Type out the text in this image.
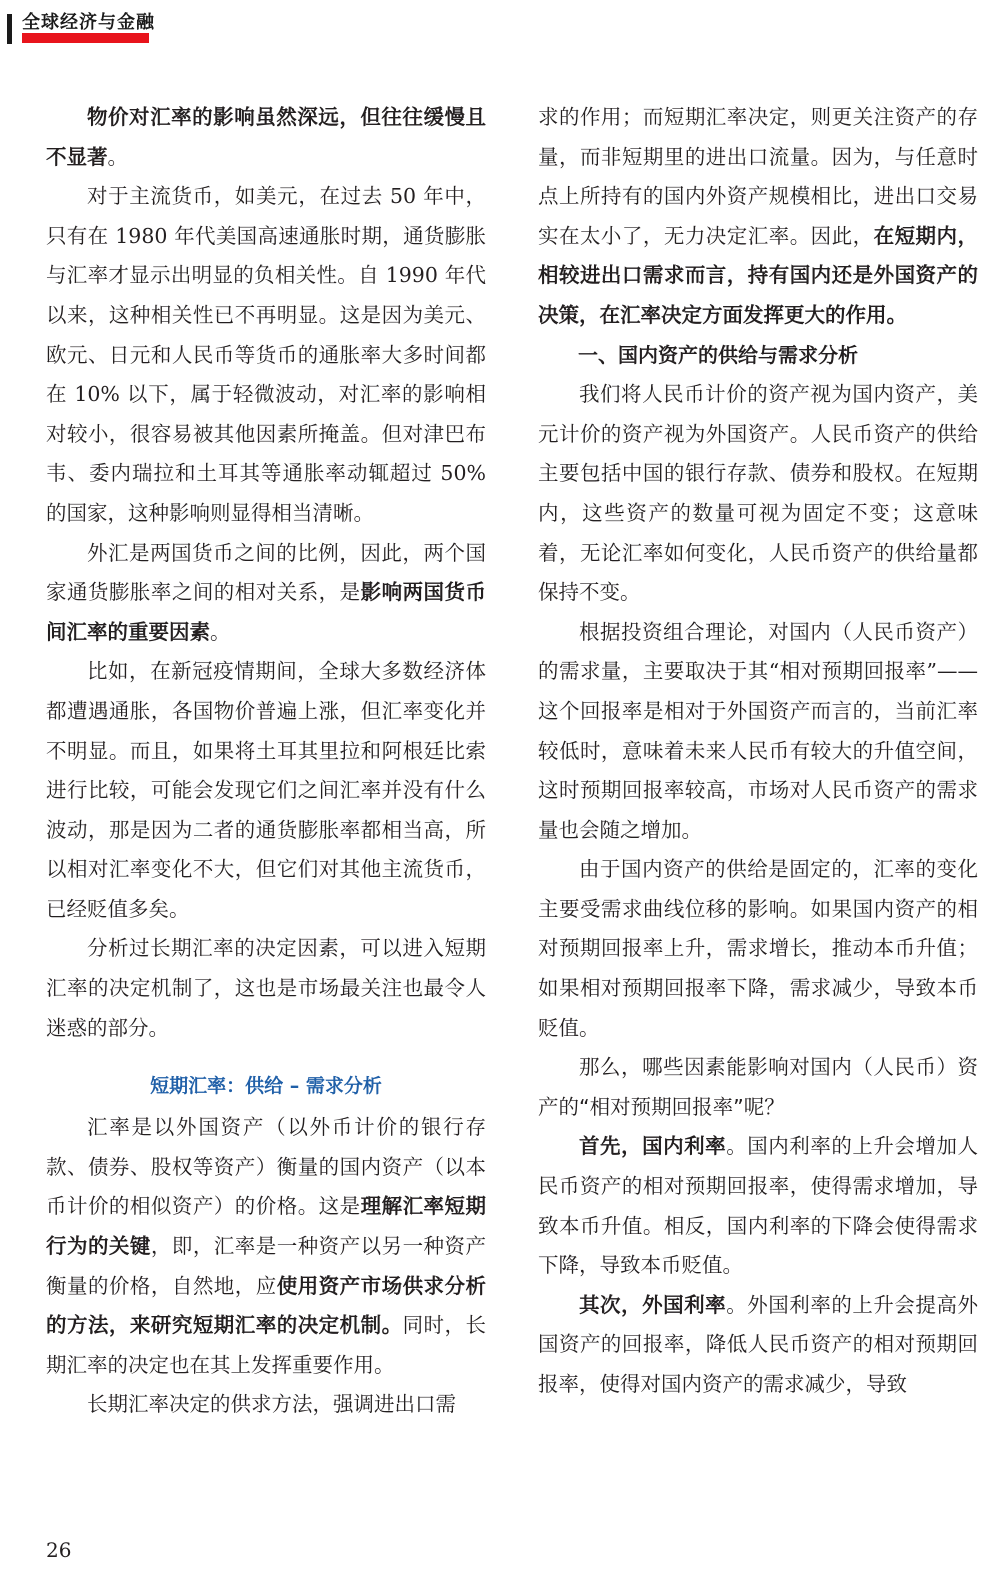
全球经济与金融

物价对汇率的影响虽然深远，但往往缓慢且不显著。

对于主流货币，如美元，在过去 50 年中，只有在 1980 年代美国高速通胀时期，通货膨胀与汇率才显示出明显的负相关性。自 1990 年代以来，这种相关性已不再明显。这是因为美元、欧元、日元和人民币等货币的通胀率大多时间都在 10% 以下，属于轻微波动，对汇率的影响相对较小，很容易被其他因素所掩盖。但对津巴布韦、委内瑞拉和土耳其等通胀率动辄超过 50% 的国家，这种影响则显得相当清晰。

外汇是两国货币之间的比例，因此，两个国家通货膨胀率之间的相对关系，是影响两国货币间汇率的重要因素。

比如，在新冠疫情期间，全球大多数经济体都遭遇通胀，各国物价普遍上涨，但汇率变化并不明显。而且，如果将土耳其里拉和阿根廷比索进行比较，可能会发现它们之间汇率并没有什么波动，那是因为二者的通货膨胀率都相当高，所以相对汇率变化不大，但它们对其他主流货币，已经贬值多矣。

分析过长期汇率的决定因素，可以进入短期汇率的决定机制了，这也是市场最关注也最令人迷惑的部分。

短期汇率：供给 – 需求分析

汇率是以外国资产（以外币计价的银行存款、债券、股权等资产）衡量的国内资产（以本币计价的相似资产）的价格。这是理解汇率短期行为的关键，即，汇率是一种资产以另一种资产衡量的价格，自然地，应使用资产市场供求分析的方法，来研究短期汇率的决定机制。同时，长期汇率的决定也在其上发挥重要作用。

长期汇率决定的供求方法，强调进出口需

求的作用；而短期汇率决定，则更关注资产的存量，而非短期里的进出口流量。因为，与任意时点上所持有的国内外资产规模相比，进出口交易实在太小了，无力决定汇率。因此，在短期内，相较进出口需求而言，持有国内还是外国资产的决策，在汇率决定方面发挥更大的作用。

一、国内资产的供给与需求分析

我们将人民币计价的资产视为国内资产，美元计价的资产视为外国资产。人民币资产的供给主要包括中国的银行存款、债券和股权。在短期内，这些资产的数量可视为固定不变；这意味着，无论汇率如何变化，人民币资产的供给量都保持不变。

根据投资组合理论，对国内（人民币资产）的需求量，主要取决于其“相对预期回报率”——这个回报率是相对于外国资产而言的，当前汇率较低时，意味着未来人民币有较大的升值空间，这时预期回报率较高，市场对人民币资产的需求量也会随之增加。

由于国内资产的供给是固定的，汇率的变化主要受需求曲线位移的影响。如果国内资产的相对预期回报率上升，需求增长，推动本币升值；如果相对预期回报率下降，需求减少，导致本币贬值。

那么，哪些因素能影响对国内（人民币）资产的“相对预期回报率”呢？

首先，国内利率。国内利率的上升会增加人民币资产的相对预期回报率，使得需求增加，导致本币升值。相反，国内利率的下降会使得需求下降，导致本币贬值。

其次，外国利率。外国利率的上升会提高外国资产的回报率，降低人民币资产的相对预期回报率，使得对国内资产的需求减少，导致

26
